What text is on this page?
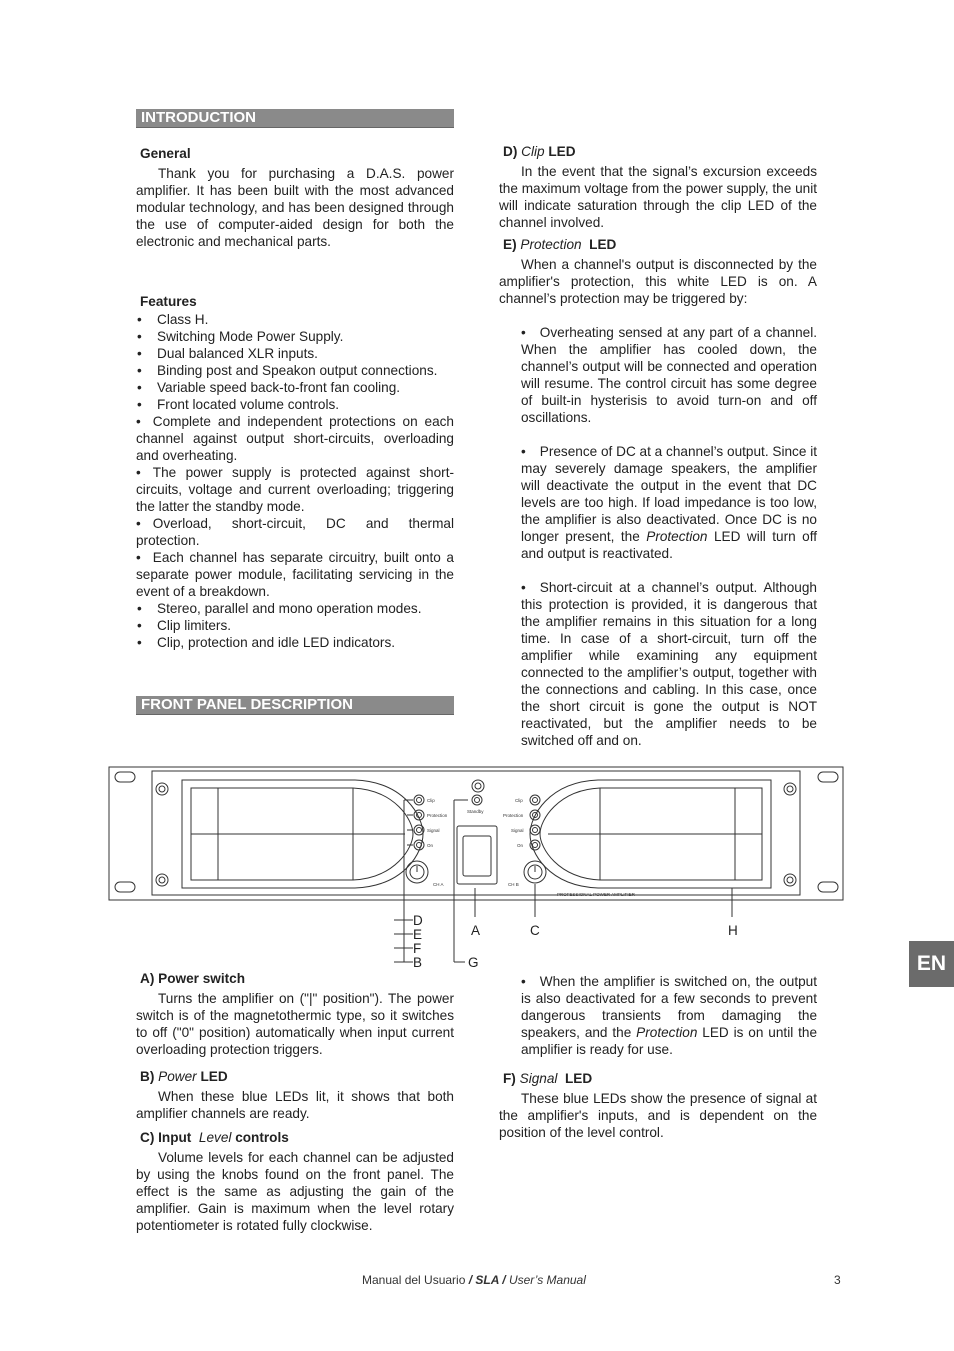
INTRODUCTION
General

Thank you for purchasing a D.A.S. power amplifier. It has been built with the most advanced modular technology, and has been designed through the use of computer-aided design for both the electronic and mechanical parts.

Features
• Class H.
• Switching Mode Power Supply.
• Dual balanced XLR inputs.
• Binding post and Speakon output connections.
• Variable speed back-to-front fan cooling.
• Front located volume controls.
• Complete and independent protections on each channel against output short-circuits, overloading and overheating.
• The power supply is protected against short-circuits, voltage and current overloading; triggering the latter the standby mode.
• Overload, short-circuit, DC and thermal protection.
• Each channel has separate circuitry, built onto a separate power module, facilitating servicing in the event of a breakdown.
• Stereo, parallel and mono operation modes.
• Clip limiters.
• Clip, protection and idle LED indicators.
FRONT PANEL DESCRIPTION
D) Clip LED

In the event that the signal’s excursion exceeds the maximum voltage from the power supply, the unit will indicate saturation through the clip LED of the channel involved.

E) Protection LED

When a channel's output is disconnected by the amplifier's protection, this white LED is on. A channel’s protection may be triggered by:

• Overheating sensed at any part of a channel. When the amplifier has cooled down, the channel’s output will be connected and operation will resume. The control circuit has some degree of built-in hysterisis to avoid turn-on and off oscillations.

• Presence of DC at a channel’s output. Since it may severely damage speakers, the amplifier will deactivate the output in the event that DC levels are too high. If load impedance is too low, the amplifier is also deactivated. Once DC is no longer present, the Protection LED will turn off and output is reactivated.

• Short-circuit at a channel’s output. Although this protection is provided, it is dangerous that the amplifier remains in this situation for a long time. In case of a short-circuit, turn off the amplifier while examining any equipment connected to the amplifier’s output, together with the connections and cabling. In this case, once the short circuit is gone the output is NOT reactivated, but the amplifier needs to be switched off and on.

Clip
Protection
Signal
On
CH A
Standby
Clip
Protection
Signal
On
CH B
PROFESSIONAL POWER AMPLIFIER
D
E
F
B
A
G
C	H
A) Power switch

Turns the amplifier on ("|" position"). The power switch is of the magnetothermic type, so it switches to off ("0" position) automatically when input current overloading protection triggers.

B) Power LED

When these blue LEDs lit, it shows that both amplifier channels are ready.

C) Input Level controls

Volume levels for each channel can be adjusted by using the knobs found on the front panel. The effect is the same as adjusting the gain of the amplifier. Gain is maximum when the level rotary potentiometer is rotated fully clockwise.

• When the amplifier is switched on, the output is also deactivated for a few seconds to prevent dangerous transients from damaging the speakers, and the Protection LED is on until the amplifier is ready for use.

F) Signal LED

These blue LEDs show the presence of signal at the amplifier's inputs, and is dependent on the position of the level control.

EN
Manual del Usuario / SLA / User’s Manual	3
